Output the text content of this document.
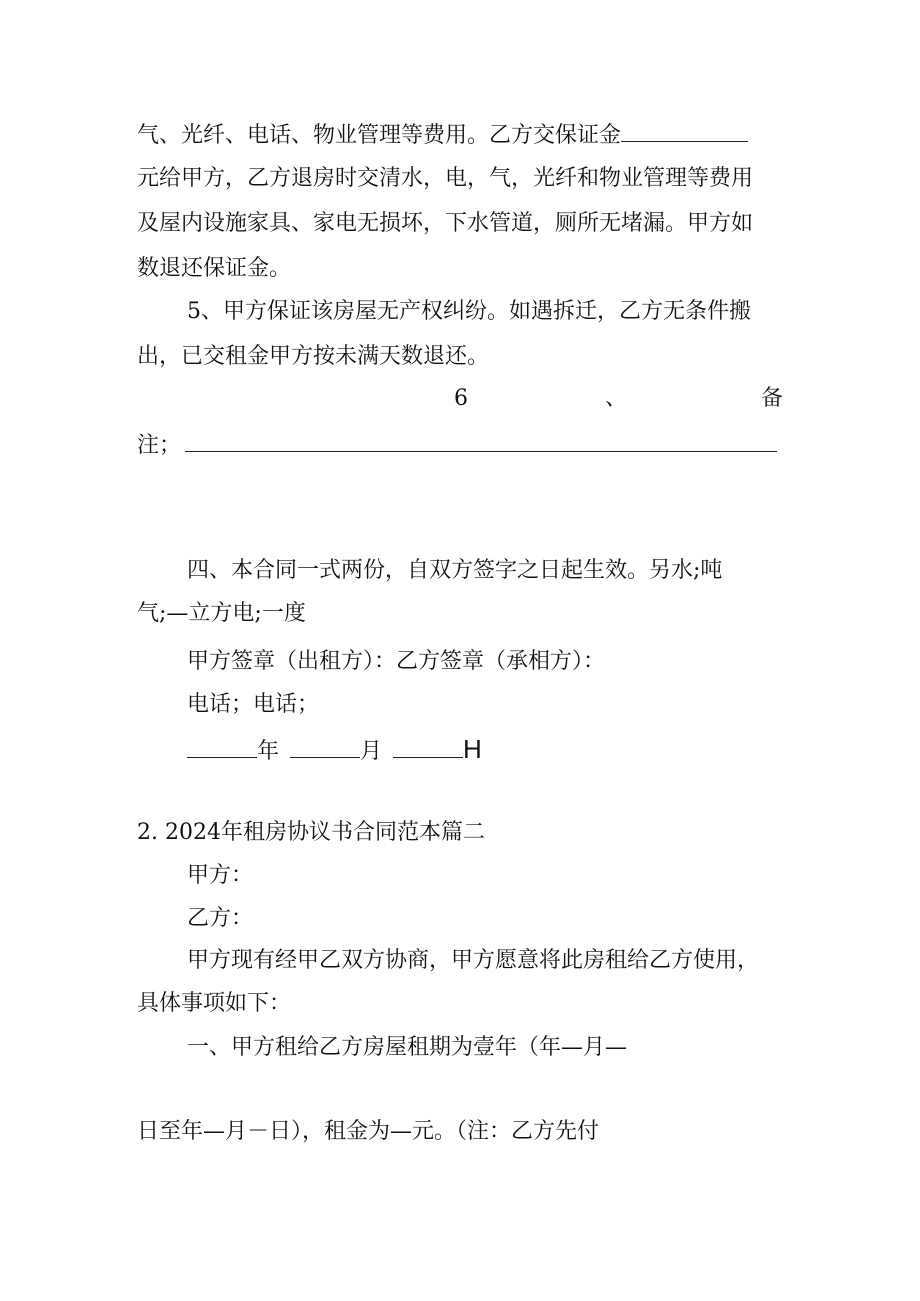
气、光纤、电话、物业管理等费用。乙方交保证金
元给甲方，乙方退房时交清水，电，气，光纤和物业管理等费用
及屋内设施家具、家电无损坏，下水管道，厕所无堵漏。甲方如
数退还保证金。
5、甲方保证该房屋无产权纠纷。如遇拆迁，乙方无条件搬
出，已交租金甲方按未满天数退还。
6	、	备
注；
四、本合同一式两份，自双方签字之日起生效。另水;吨
气;—立方电;一度
甲方签章（出租方）：乙方签章（承相方）：
电话；电话；
年	月	H
2. 2024年租房协议书合同范本篇二
甲方：
乙方：
甲方现有经甲乙双方协商，甲方愿意将此房租给乙方使用，
具体事项如下：
一、甲方租给乙方房屋租期为壹年（年—月—
日至年—月－日），租金为—元。（注：乙方先付
